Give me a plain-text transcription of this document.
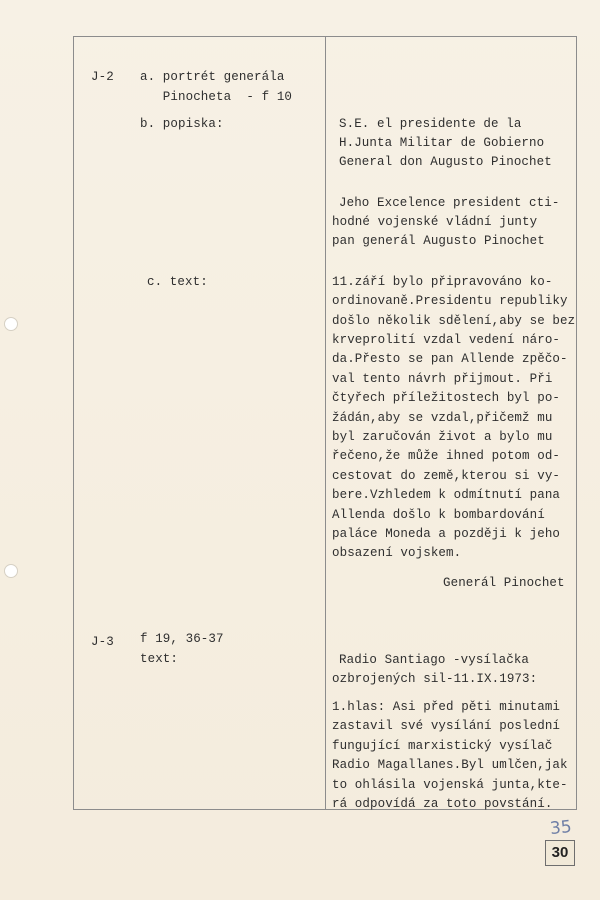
J-2 a. portrét generála
Pinocheta  - f 10
b. popiska:	S.E. el presidente de la
H.Junta Militar de Gobierno
General don Augusto Pinochet
Jeho Excelence president cti-
hodné vojenské vládní junty
pan generál Augusto Pinochet
c. text:	11.září bylo připravováno ko-
ordinovaně.Presidentu republiky
došlo několik sdělení,aby se bez
krveprolití vzdal vedení náro-
da.Přesto se pan Allende zpěčo-
val tento návrh přijmout. Při
čtyřech příležitostech byl po-
žádán,aby se vzdal,přičemž mu
byl zaručován život a bylo mu
řečeno,že může ihned potom od-
cestovat do země,kterou si vy-
bere.Vzhledem k odmítnutí pana
Allenda došlo k bombardování
paláce Moneda a později k jeho
obsazení vojskem.
Generál Pinochet
J-3 f 19, 36-37
text:	Radio Santiago -vysílačka
ozbrojených sil-11.IX.1973:
1.hlas: Asi před pěti minutami
zastavil své vysílání poslední
fungující marxistický vysílač
Radio Magallanes.Byl umlčen,jak
to ohlásila vojenská junta,kte-
rá odpovídá za toto povstání.
35
30
